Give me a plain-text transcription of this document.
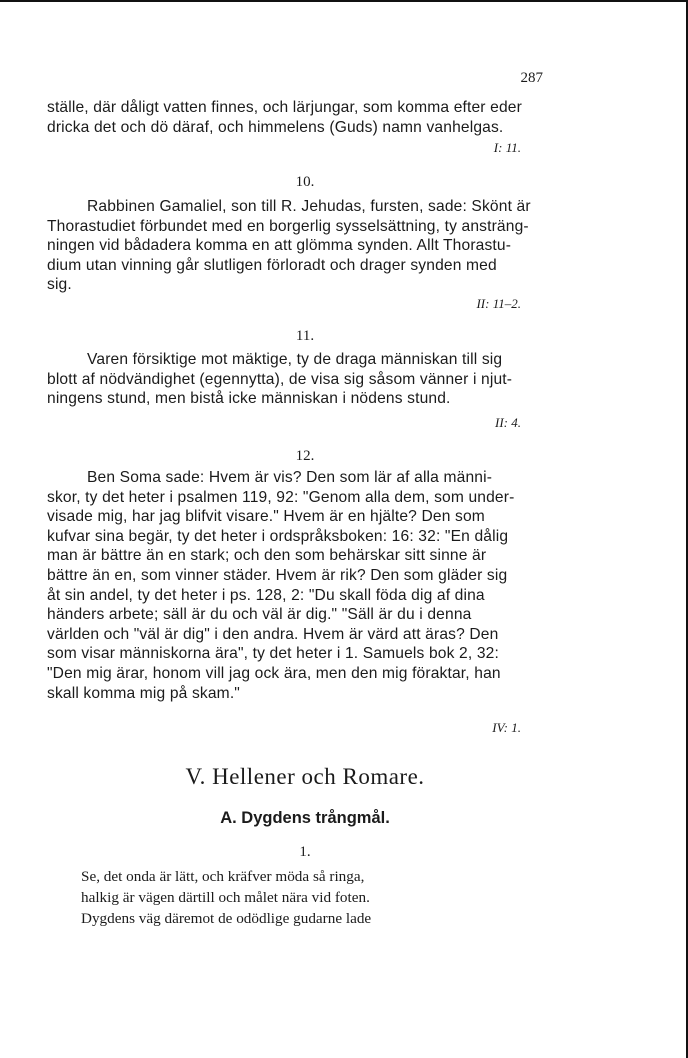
287
ställe, där dåligt vatten finnes, och lärjungar, som komma efter eder
dricka det och dö däraf, och himmelens (Guds) namn vanhelgas.
I: 11.
10.
Rabbinen Gamaliel, son till R. Jehudas, fursten, sade: Skönt är
Thorastudiet förbundet med en borgerlig sysselsättning, ty ansträng-
ningen vid bådadera komma en att glömma synden. Allt Thorastu-
dium utan vinning går slutligen förloradt och drager synden med
sig.
II: 11–2.
11.
Varen försiktige mot mäktige, ty de draga människan till sig
blott af nödvändighet (egennytta), de visa sig såsom vänner i njut-
ningens stund, men bistå icke människan i nödens stund.
II: 4.
12.
Ben Soma sade: Hvem är vis? Den som lär af alla männi-
skor, ty det heter i psalmen 119, 92: "Genom alla dem, som under-
visade mig, har jag blifvit visare." Hvem är en hjälte? Den som
kufvar sina begär, ty det heter i ordspråksboken: 16: 32: "En dålig
man är bättre än en stark; och den som behärskar sitt sinne är
bättre än en, som vinner städer. Hvem är rik? Den som gläder sig
åt sin andel, ty det heter i ps. 128, 2: "Du skall föda dig af dina
händers arbete; säll är du och väl är dig." "Säll är du i denna
världen och "väl är dig" i den andra. Hvem är värd att äras? Den
som visar människorna ära", ty det heter i 1. Samuels bok 2, 32:
"Den mig ärar, honom vill jag ock ära, men den mig föraktar, han
skall komma mig på skam."
IV: 1.
V. Hellener och Romare.
A. Dygdens trångmål.
1.
Se, det onda är lätt, och kräfver möda så ringa,
halkig är vägen därtill och målet nära vid foten.
Dygdens väg däremot de odödlige gudarne lade
